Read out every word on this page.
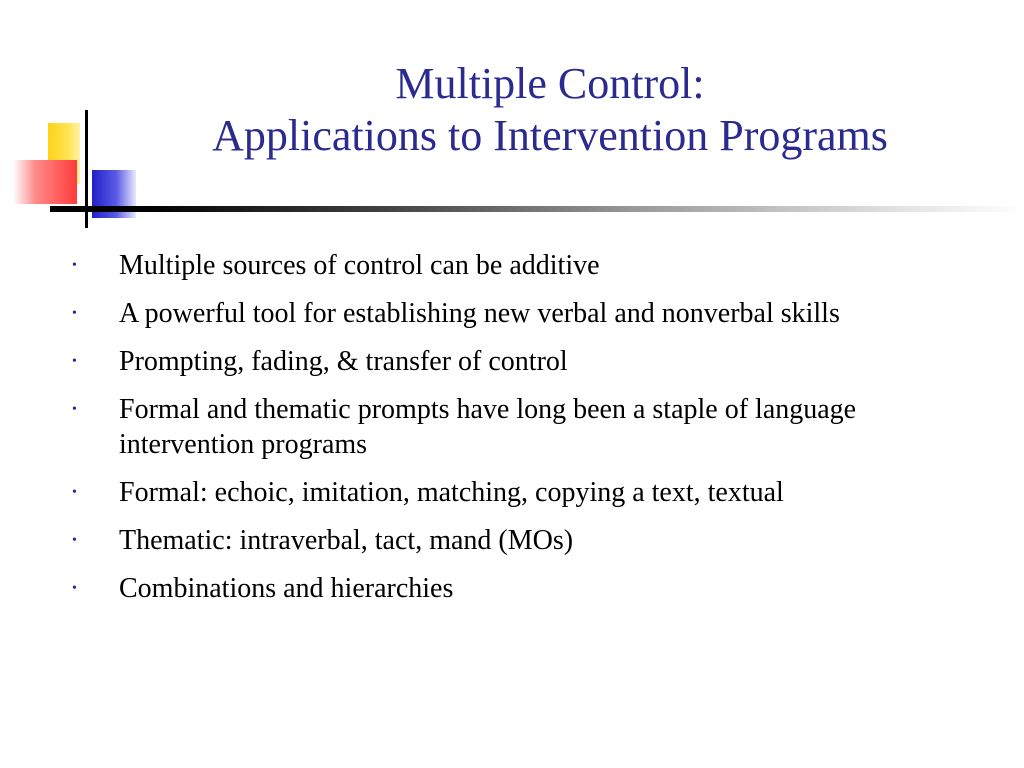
Multiple Control:
Applications to Intervention Programs
• Multiple sources of control can be additive
• A powerful tool for establishing new verbal and nonverbal skills
• Prompting, fading, & transfer of control
• Formal and thematic prompts have long been a staple of language intervention programs
• Formal: echoic, imitation, matching, copying a text, textual
• Thematic: intraverbal, tact, mand (MOs)
• Combinations and hierarchies
